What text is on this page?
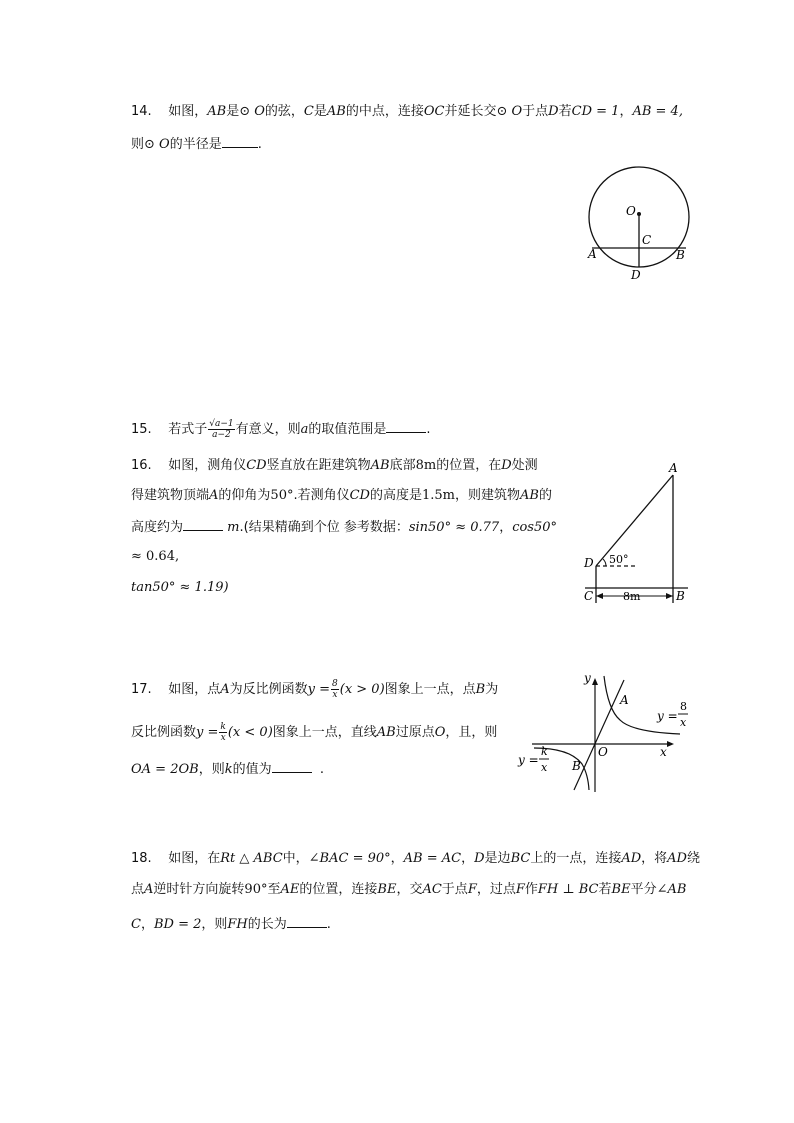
14. 如图，AB是⊙ O的弦，C是AB的中点，连接OC并延长交⊙ O于点D若CD = 1，AB = 4,
则⊙ O的半径是	.
O
C
A	B
D
15. 若式子 $\frac{√a-1}{a-2}$ 有意义，则a的取值范围是	.
16. 如图，测角仪CD竖直放在距建筑物AB底部8m的位置，在D处测
得建筑物顶端A的仰角为50°.若测角仪CD的高度是1.5m，则建筑物AB的
高度约为	m.(结果精确到个位 参考数据：sin50° ≈ 0.77，cos50°
≈ 0.64,
tan50° ≈ 1.19)
A
D 50°
C	8m	B
17. 如图，点A为反比例函数$y = \frac{8}{x} (x > 0)$图象上一点，点B为
反比例函数$y = \frac{k}{x} (x < 0)$图象上一点，直线AB过原点O，且，则
OA = 2OB，则k的值为	.
y
x
O
A
B
y =
8
x
y =
k
x
18. 如图，在Rt △ ABC中，∠BAC = 90°，AB = AC，D是边BC上的一点，连接AD，将AD绕
点A逆时针方向旋转90°至AE的位置，连接BE，交AC于点F，过点F作FH ⊥ BC若BE平分∠AB
C，BD = 2，则FH的长为	.
